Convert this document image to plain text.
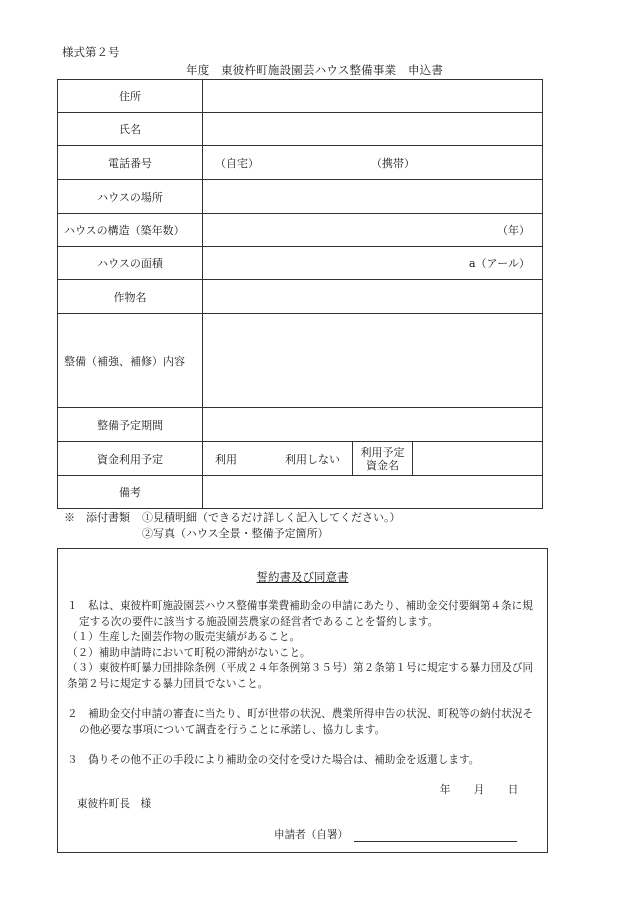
様式第２号
年度　東彼杵町施設園芸ハウス整備事業　申込書
住所			
氏名			
電話番号	（自宅） （携帯）		

ハウスの場所			
ハウスの構造（築年数）	（年）		
ハウスの面積	a（アール）		
作物名			
整備（補強、補修）内容			
整備予定期間			
資金利用予定	利用 利用しない	利用予定
資金名	

備考			
※　添付書類 ①見積明細（できるだけ詳しく記入してください。）
②写真（ハウス全景・整備予定箇所）
誓約書及び同意書

１　私は、東彼杵町施設園芸ハウス整備事業費補助金の申請にあたり、補助金交付要綱第４条に規定する次の要件に該当する施設園芸農家の経営者であることを誓約します。

（１）生産した園芸作物の販売実績があること。

（２）補助申請時において町税の滞納がないこと。

（３）東彼杵町暴力団排除条例（平成２４年条例第３５号）第２条第１号に規定する暴力団及び同条第２号に規定する暴力団員でないこと。

２　補助金交付申請の審査に当たり、町が世帯の状況、農業所得申告の状況、町税等の納付状況その他必要な事項について調査を行うことに承諾し、協力します。

３　偽りその他不正の手段により補助金の交付を受けた場合は、補助金を返還します。

年 月 日
東彼杵町長　様
申請者（自署）
